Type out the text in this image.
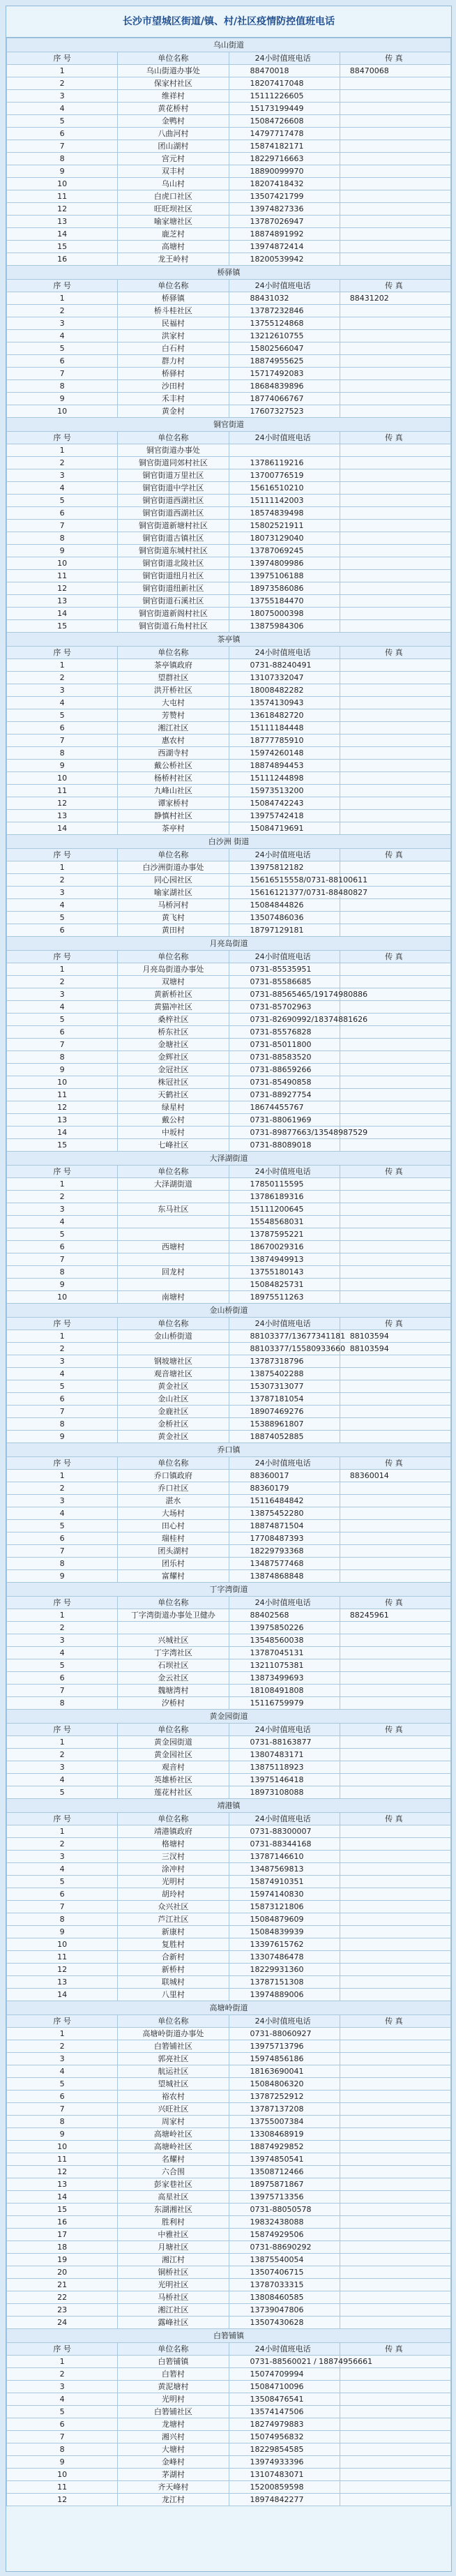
长沙市望城区街道/镇、村/社区疫情防控值班电话
乌山街道			
序 号	单位名称	24小时值班电话	传 真
1	乌山街道办事处	88470018	88470068
2	保家村社区	18207417048	
3	维祥村	15111226605	
4	黄花桥村	15173199449	
5	金鸭村	15084726608	
6	八曲河村	14797717478	
7	团山湖村	15874182171	
8	宫元村	18229716663	
9	双丰村	18890099970	
10	乌山村	18207418432	
11	白虎口社区	13507421799	
12	旺旺坝社区	13974827336	
13	喻家塘社区	13787026947	
14	鹿芝村	18874891992	
15	高塘村	13974872414	
16	龙王岭村	18200539942	
桥驿镇			
序 号	单位名称	24小时值班电话	传 真
1	桥驿镇	88431032	88431202
2	桥斗桂社区	13787232846	
3	民福村	13755124868	
4	洪家村	13212610755	
5	白石村	15802566047	
6	群力村	18874955625	
7	桥驿村	15717492083	
8	沙田村	18684839896	
9	禾丰村	18774066767	
10	黄金村	17607327523	
铜官街道			
序 号	单位名称	24小时值班电话	传 真
1	铜官街道办事处		
2	铜官街道同郊村社区	13786119216	
3	铜官街道万里社区	13700776519	
4	铜官街道中学社区	15616510210	
5	铜官街道西湖社区	15111142003	
6	铜官街道西湖社区	18574839498	
7	铜官街道新塘村社区	15802521911	
8	铜官街道古镇社区	18073129040	
9	铜官街道东城村社区	13787069245	
10	铜官街道北陵社区	13974809986	
11	铜官街道纽月社区	13975106188	
12	铜官街道纽新社区	18973586086	
13	铜官街道石溪社区	13755184470	
14	铜官街道新阁村社区	18075000398	
15	铜官街道石角村社区	13875984306	
茶亭镇			
序 号	单位名称	24小时值班电话	传 真
1	茶亭镇政府	0731-88240491	
2	望群社区	13107332047	
3	洪开桥社区	18008482282	
4	大屯村	13574130943	
5	芳赞村	13618482720	
6	湘江社区	15111184448	
7	惠农村	18777785910	
8	西湖寺村	15974260148	
9	戴公桥社区	18874894453	
10	杨桥村社区	15111244898	
11	九峰山社区	15973513200	
12	谭家桥村	15084742243	
13	静慎村社区	13975742418	
14	茶亭村	15084719691	
白沙洲 街道			
序 号	单位名称	24小时值班电话	传 真
1	白沙洲街道办事处	13975812182	
2	同心园社区	15616515558/0731-88100611	
3	喻家湖社区	15616121377/0731-88480827	
4	马桥河村	15084844826	
5	黄飞村	13507486036	
6	黄田村	18797129181	
月亮岛街道			
序 号	单位名称	24小时值班电话	传 真
1	月亮岛街道办事处	0731-85535951	
2	双塘村	0731-85586685	
3	黄新桥社区	0731-88565465/19174980886	
4	黄猫冲社区	0731-85702963	
5	桑梓社区	0731-82690992/18374881626	
6	桥东社区	0731-85576828	
7	金塘社区	0731-85011800	
8	金辉社区	0731-88583520	
9	金冠社区	0731-88659266	
10	株冠社区	0731-85490858	
11	天鹤社区	0731-88927754	
12	绿星村	18674455767	
13	戴公村	0731-88061969	
14	中坂村	0731-89877663/13548987529	
15	七峰社区	0731-88089018	
大泽湖街道			
序 号	单位名称	24小时值班电话	传 真
1	大泽湖街道	17850115595	
2		13786189316	
3	东马社区	15111200645	
4		15548568031	
5		13787595221	
6	西塘村	18670029316	
7		13874949913	
8	回龙村	13755180143	
9		15084825731	
10	南塘村	18975511263	
金山桥街道			
序 号	单位名称	24小时值班电话	传 真
1	金山桥街道	88103377/13677341181	88103594
2		88103377/15580933660	88103594
3	钢坡塘社区	13787318796	
4	观音塘社区	13875402288	
5	黄金社区	15307313077	
6	金山社区	13787181054	
7	金鹿社区	18907469276	
8	金桥社区	15388961807	
9	黄金社区	18874052885	
乔口镇			
序 号	单位名称	24小时值班电话	传 真
1	乔口镇政府	88360017	88360014
2	乔口社区	88360179	
3	湛水	15116484842	
4	大场村	13875452280	
5	田心村	18874871504	
6	瑞桂村	17708487393	
7	团头湖村	18229793368	
8	团乐村	13487577468	
9	富耀村	13874868848	
丁字湾街道			
序 号	单位名称	24小时值班电话	传 真
1	丁字湾街道办事处卫健办	88402568	88245961
2		13975850226	
3	兴城社区	13548560038	
4	丁字湾社区	13787045131	
5	石坝社区	13211075381	
6	金云社区	13873499693	
7	魏塘湾村	18108491808	
8	汐桥村	15116759979	
黄金园街道			
序 号	单位名称	24小时值班电话	传 真
1	黄金园街道	0731-88163877	
2	黄金园社区	13807483171	
3	观音村	13875118923	
4	英雄桥社区	13975146418	
5	莲花村社区	18973108088	
靖港镇			
序 号	单位名称	24小时值班电话	传 真
1	靖港镇政府	0731-88300007	
2	格塘村	0731-88344168	
3	三汊村	13787146610	
4	涂冲村	13487569813	
5	光明村	15874910351	
6	胡玲村	15974140830	
7	众兴社区	15873121806	
8	芦江社区	15084879609	
9	新康村	15084839939	
10	复胜村	13397615762	
11	合新村	13307486478	
12	新桥村	18229931360	
13	联城村	13787151308	
14	八里村	13974889006	
高塘岭街道			
序 号	单位名称	24小时值班电话	传 真
1	高塘岭街道办事处	0731-88060927	
2	白箬铺社区	13975713796	
3	郭亮社区	15974856186	
4	航运社区	18163690041	
5	望城社区	15084806320	
6	裕农村	13787252912	
7	兴旺社区	13787137208	
8	周家村	13755007384	
9	高塘岭社区	13308468919	
10	高塘岭社区	18874929852	
11	名耀村	13974850541	
12	六合围	13508712466	
13	彭家巷社区	18975871867	
14	高星社区	13975713356	
15	东湖湘社区	0731-88050578	
16	胜利村	19832438088	
17	中雅社区	15874929506	
18	月塘社区	0731-88690292	
19	湘江村	13875540054	
20	铜桥社区	13507406715	
21	光明社区	13787033315	
22	马桥社区	13808460585	
23	湘江社区	13739047806	
24	露峰社区	13507430628	
白箬铺镇			
序 号	单位名称	24小时值班电话	传 真
1	白箬铺镇	0731-88560021 / 18874956661	
2	白箬村	15074709994	
3	黄泥塘村	15084710096	
4	光明村	13508476541	
5	白箬铺社区	13574147506	
6	龙塘村	18274979883	
7	湘兴村	15074956832	
8	大塘村	18229854585	
9	金峰村	13974933396	
10	茅湖村	13107483071	
11	齐天峰村	15200859598	
12	龙江村	18974842277	
